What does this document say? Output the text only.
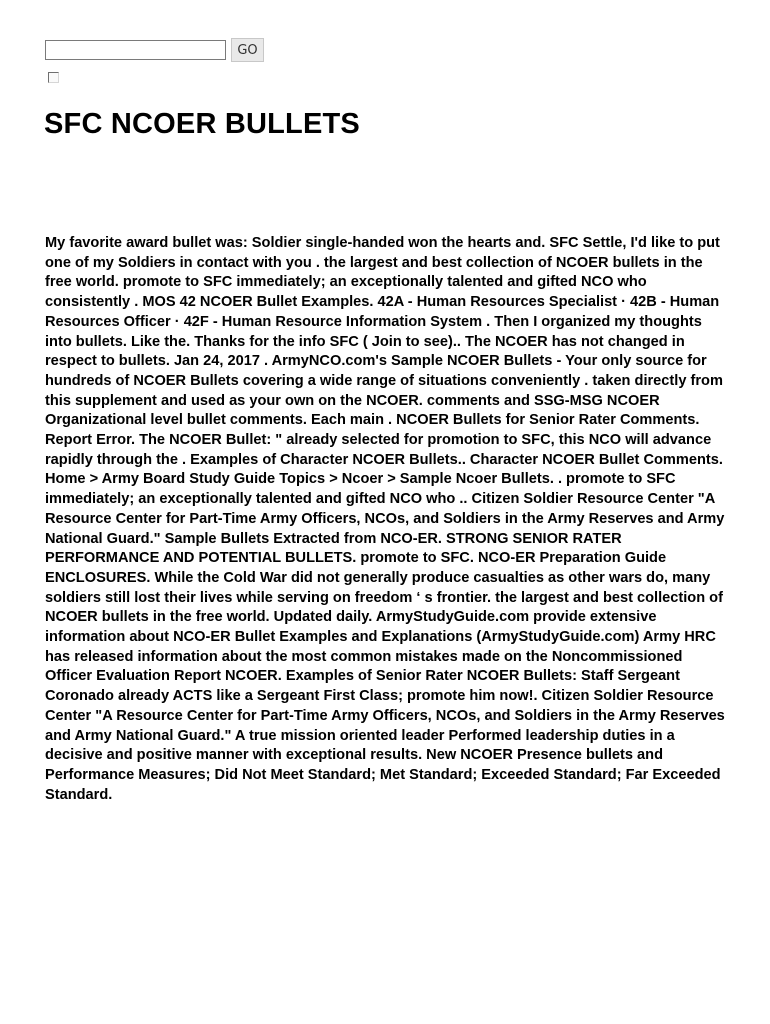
GO
SFC NCOER BULLETS

My favorite award bullet was: Soldier single-handed won the hearts and. SFC Settle, I'd like to put one of my Soldiers in contact with you . the largest and best collection of NCOER bullets in the free world. promote to SFC immediately; an exceptionally talented and gifted NCO who consistently . MOS 42 NCOER Bullet Examples. 42A - Human Resources Specialist · 42B - Human Resources Officer · 42F - Human Resource Information System . Then I organized my thoughts into bullets. Like the. Thanks for the info SFC ( Join to see).. The NCOER has not changed in respect to bullets. Jan 24, 2017 . ArmyNCO.com's Sample NCOER Bullets - Your only source for hundreds of NCOER Bullets covering a wide range of situations conveniently . taken directly from this supplement and used as your own on the NCOER. comments and SSG-MSG NCOER Organizational level bullet comments. Each main . NCOER Bullets for Senior Rater Comments. Report Error. The NCOER Bullet: " already selected for promotion to SFC, this NCO will advance rapidly through the . Examples of Character NCOER Bullets.. Character NCOER Bullet Comments. Home > Army Board Study Guide Topics > Ncoer > Sample Ncoer Bullets. . promote to SFC immediately; an exceptionally talented and gifted NCO who .. Citizen Soldier Resource Center "A Resource Center for Part-Time Army Officers, NCOs, and Soldiers in the Army Reserves and Army National Guard." Sample Bullets Extracted from NCO-ER. STRONG SENIOR RATER PERFORMANCE AND POTENTIAL BULLETS. promote to SFC. NCO-ER Preparation Guide ENCLOSURES. While the Cold War did not generally produce casualties as other wars do, many soldiers still lost their lives while serving on freedom ‘ s frontier. the largest and best collection of NCOER bullets in the free world. Updated daily. ArmyStudyGuide.com provide extensive information about NCO-ER Bullet Examples and Explanations (ArmyStudyGuide.com) Army HRC has released information about the most common mistakes made on the Noncommissioned Officer Evaluation Report NCOER. Examples of Senior Rater NCOER Bullets: Staff Sergeant Coronado already ACTS like a Sergeant First Class; promote him now!. Citizen Soldier Resource Center "A Resource Center for Part-Time Army Officers, NCOs, and Soldiers in the Army Reserves and Army National Guard." A true mission oriented leader Performed leadership duties in a decisive and positive manner with exceptional results. New NCOER Presence bullets and Performance Measures; Did Not Meet Standard; Met Standard; Exceeded Standard; Far Exceeded Standard.
